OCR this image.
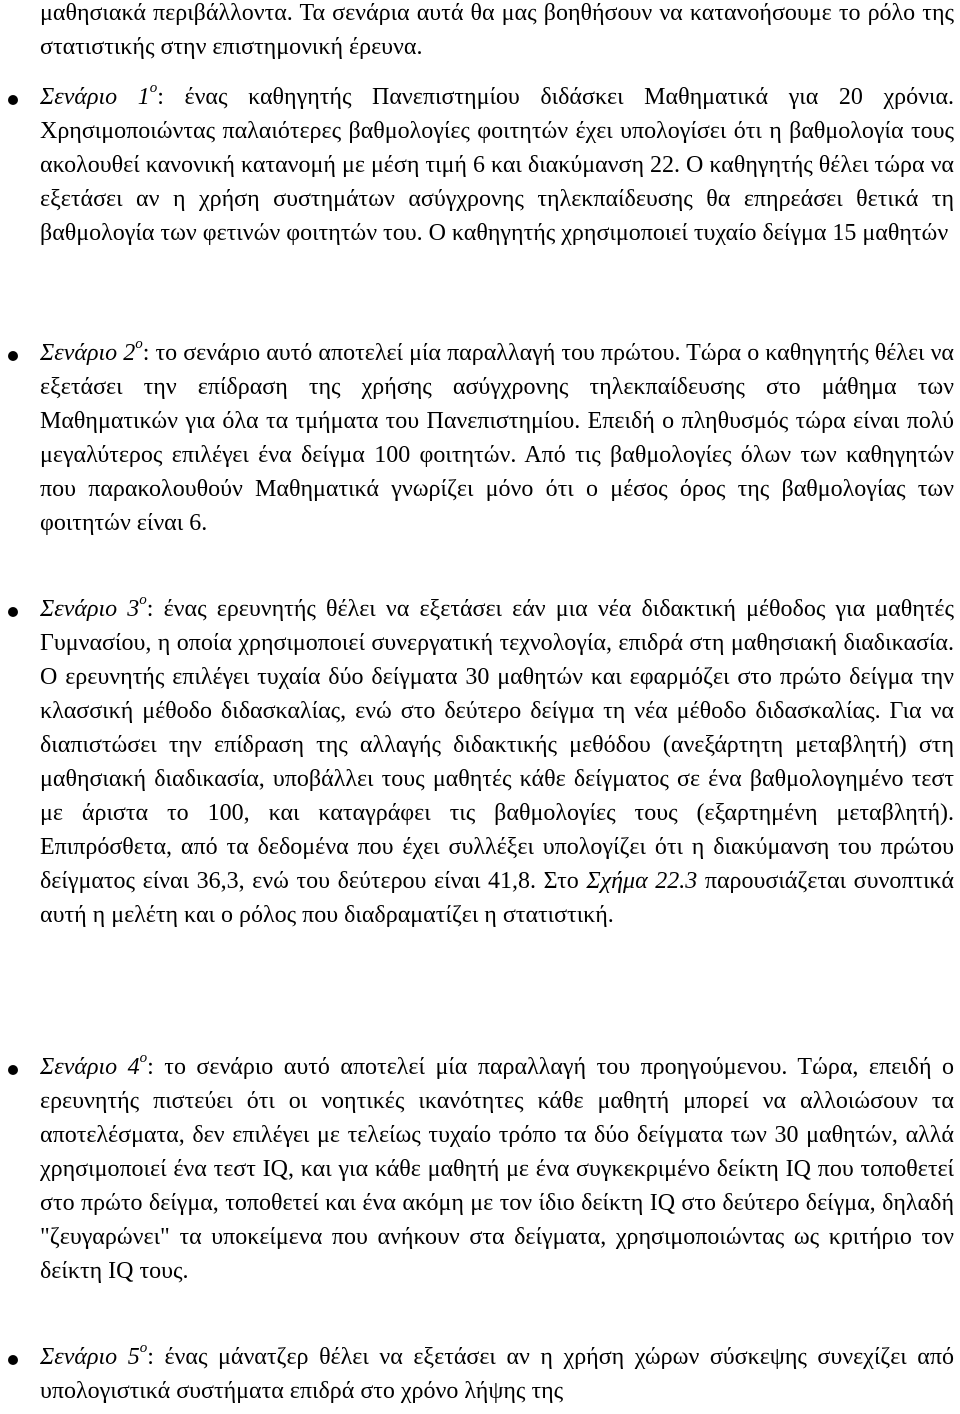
μαθησιακά περιβάλλοντα. Τα σενάρια αυτά θα μας βοηθήσουν να κατανοήσουμε το ρόλο της στατιστικής στην επιστημονική έρευνα.

Σενάριο $1^o$: ένας καθηγητής Πανεπιστημίου διδάσκει Μαθηματικά για 20 χρόνια. Χρησιμοποιώντας παλαιότερες βαθμολογίες φοιτητών έχει υπολογίσει ότι η βαθμολογία τους ακολουθεί κανονική κατανομή με μέση τιμή 6 και διακύμανση 22. Ο καθηγητής θέλει τώρα να εξετάσει αν η χρήση συστημάτων ασύγχρονης τηλεκπαίδευσης θα επηρεάσει θετικά τη βαθμολογία των φετινών φοιτητών του. Ο καθηγητής χρησιμοποιεί τυχαίο δείγμα 15 μαθητών

Σενάριο $2^o$: το σενάριο αυτό αποτελεί μία παραλλαγή του πρώτου. Τώρα ο καθηγητής θέλει να εξετάσει την επίδραση της χρήσης ασύγχρονης τηλεκπαίδευσης στο μάθημα των Μαθηματικών για όλα τα τμήματα του Πανεπιστημίου. Επειδή ο πληθυσμός τώρα είναι πολύ μεγαλύτερος επιλέγει ένα δείγμα 100 φοιτητών. Από τις βαθμολογίες όλων των καθηγητών που παρακολουθούν Μαθηματικά γνωρίζει μόνο ότι ο μέσος όρος της βαθμολογίας των φοιτητών είναι 6.

Σενάριο $3^o$: ένας ερευνητής θέλει να εξετάσει εάν μια νέα διδακτική μέθοδος για μαθητές Γυμνασίου, η οποία χρησιμοποιεί συνεργατική τεχνολογία, επιδρά στη μαθησιακή διαδικασία. Ο ερευνητής επιλέγει τυχαία δύο δείγματα 30 μαθητών και εφαρμόζει στο πρώτο δείγμα την κλασσική μέθοδο διδασκαλίας, ενώ στο δεύτερο δείγμα τη νέα μέθοδο διδασκαλίας. Για να διαπιστώσει την επίδραση της αλλαγής διδακτικής μεθόδου (ανεξάρτητη μεταβλητή) στη μαθησιακή διαδικασία, υποβάλλει τους μαθητές κάθε δείγματος σε ένα βαθμολογημένο τεστ με άριστα το 100, και καταγράφει τις βαθμολογίες τους (εξαρτημένη μεταβλητή). Επιπρόσθετα, από τα δεδομένα που έχει συλλέξει υπολογίζει ότι η διακύμανση του πρώτου δείγματος είναι 36,3, ενώ του δεύτερου είναι 41,8. Στο Σχήμα 22.3 παρουσιάζεται συνοπτικά αυτή η μελέτη και ο ρόλος που διαδραματίζει η στατιστική.

Σενάριο $4^o$: το σενάριο αυτό αποτελεί μία παραλλαγή του προηγούμενου. Τώρα, επειδή ο ερευνητής πιστεύει ότι οι νοητικές ικανότητες κάθε μαθητή μπορεί να αλλοιώσουν τα αποτελέσματα, δεν επιλέγει με τελείως τυχαίο τρόπο τα δύο δείγματα των 30 μαθητών, αλλά χρησιμοποιεί ένα τεστ IQ, και για κάθε μαθητή με ένα συγκεκριμένο δείκτη IQ που τοποθετεί στο πρώτο δείγμα, τοποθετεί και ένα ακόμη με τον ίδιο δείκτη IQ στο δεύτερο δείγμα, δηλαδή "ζευγαρώνει" τα υποκείμενα που ανήκουν στα δείγματα, χρησιμοποιώντας ως κριτήριο τον δείκτη IQ τους.

Σενάριο $5^o$: ένας μάνατζερ θέλει να εξετάσει αν η χρήση χώρων σύσκεψης συνεχίζει από υπολογιστικά συστήματα επιδρά στο χρόνο λήψης της
